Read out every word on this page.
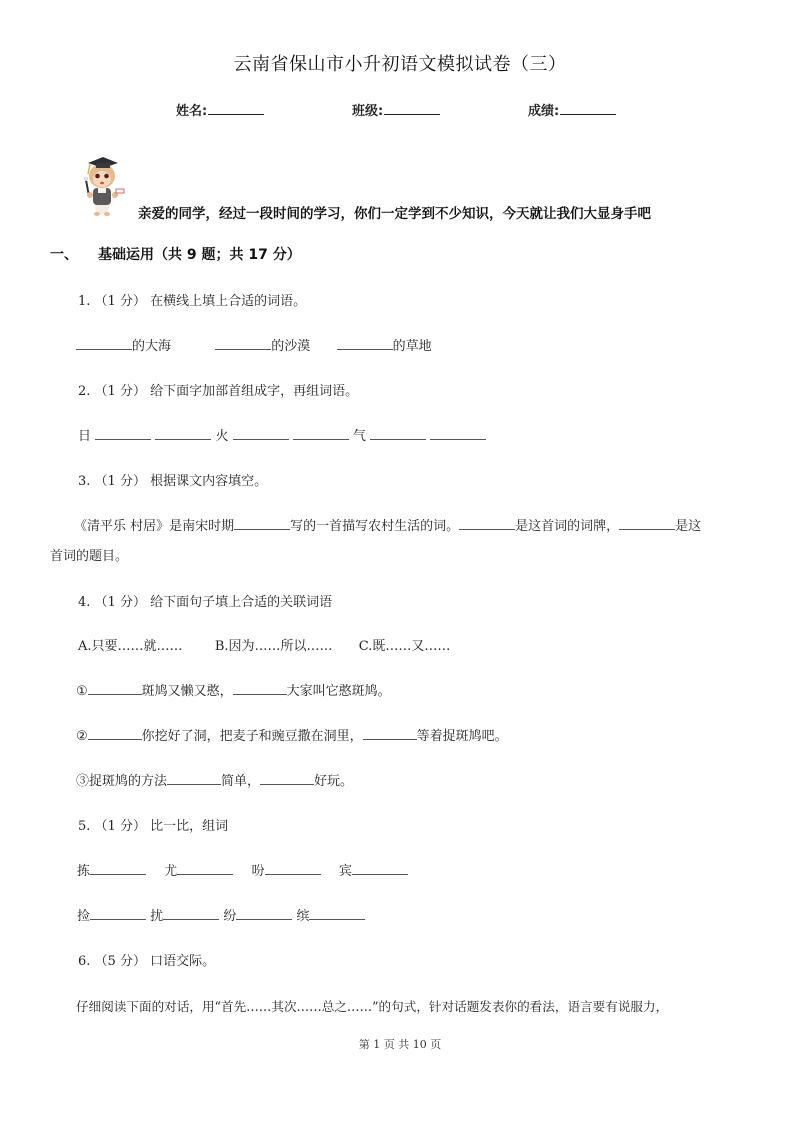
云南省保山市小升初语文模拟试卷（三）
姓名:	班级:	成绩:
亲爱的同学，经过一段时间的学习，你们一定学到不少知识，今天就让我们大显身手吧
一、 基础运用（共 9 题；共 17 分）
1. （1 分） 在横线上填上合适的词语。
的大海	的沙漠	的草地
2. （1 分） 给下面字加部首组成字，再组词语。
日	火	气
3. （1 分） 根据课文内容填空。
《清平乐 村居》是南宋时期	写的一首描写农村生活的词。	是这首词的词牌，	是这
首词的题目。
4. （1 分） 给下面句子填上合适的关联词语
A.只要……就…… B.因为……所以…… C.既……又……
①	斑鸠又懒又憨，	大家叫它憨斑鸠。
②	你挖好了洞，把麦子和豌豆撒在洞里，	等着捉斑鸠吧。
③捉斑鸠的方法	简单，	好玩。
5. （1 分） 比一比，组词
拣	尤	吩	宾
捡	扰	纷	缤
6. （5 分） 口语交际。
仔细阅读下面的对话，用“首先……其次……总之……”的句式，针对话题发表你的看法，语言要有说服力，
第 1 页 共 10 页
